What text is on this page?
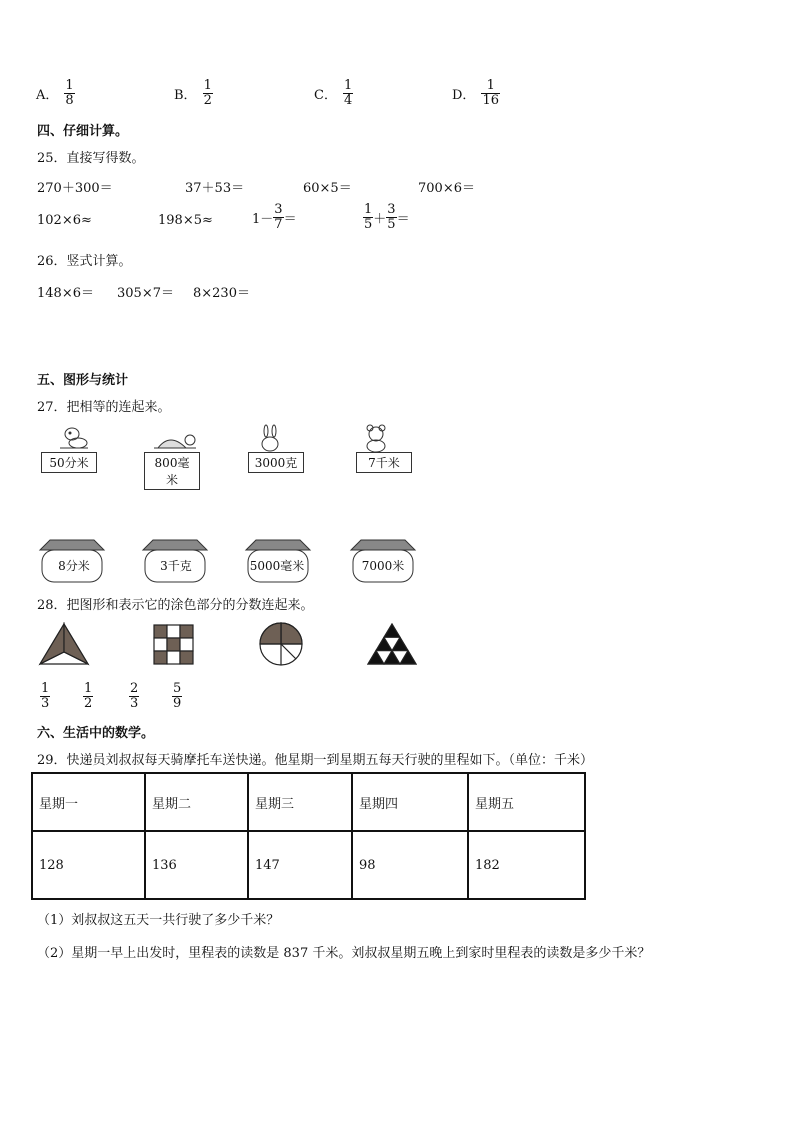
A． $\frac{1}{8}$	B． $\frac{1}{2}$	C． $\frac{1}{4}$	D． $\frac{1}{16}$
四、仔细计算。
25．直接写得数。
270＋300＝	37＋53＝	60×5＝	700×6＝
102×6≈	198×5≈	$1- \frac{3}{7}$ ＝	$\frac{1}{5} + \frac{3}{5}$ ＝
26．竖式计算。
148×6＝ 305×7＝ 8×230＝
五、图形与统计
27．把相等的连起来。
50分米	800毫米
3000克	7千米
8分米	3千克	5000毫米	7000米
28．把图形和表示它的涂色部分的分数连起来。
$\frac{1}{3}$	$\frac{1}{2}$	$\frac{2}{3}$	$\frac{5}{9}$
六、生活中的数学。
29．快递员刘叔叔每天骑摩托车送快递。他星期一到星期五每天行驶的里程如下。（单位：千米）
星期一	星期二	星期三	星期四	星期五
128	136	147	98	182
（1）刘叔叔这五天一共行驶了多少千米？
（2）星期一早上出发时，里程表的读数是 837 千米。刘叔叔星期五晚上到家时里程表的读数是多少千米？
